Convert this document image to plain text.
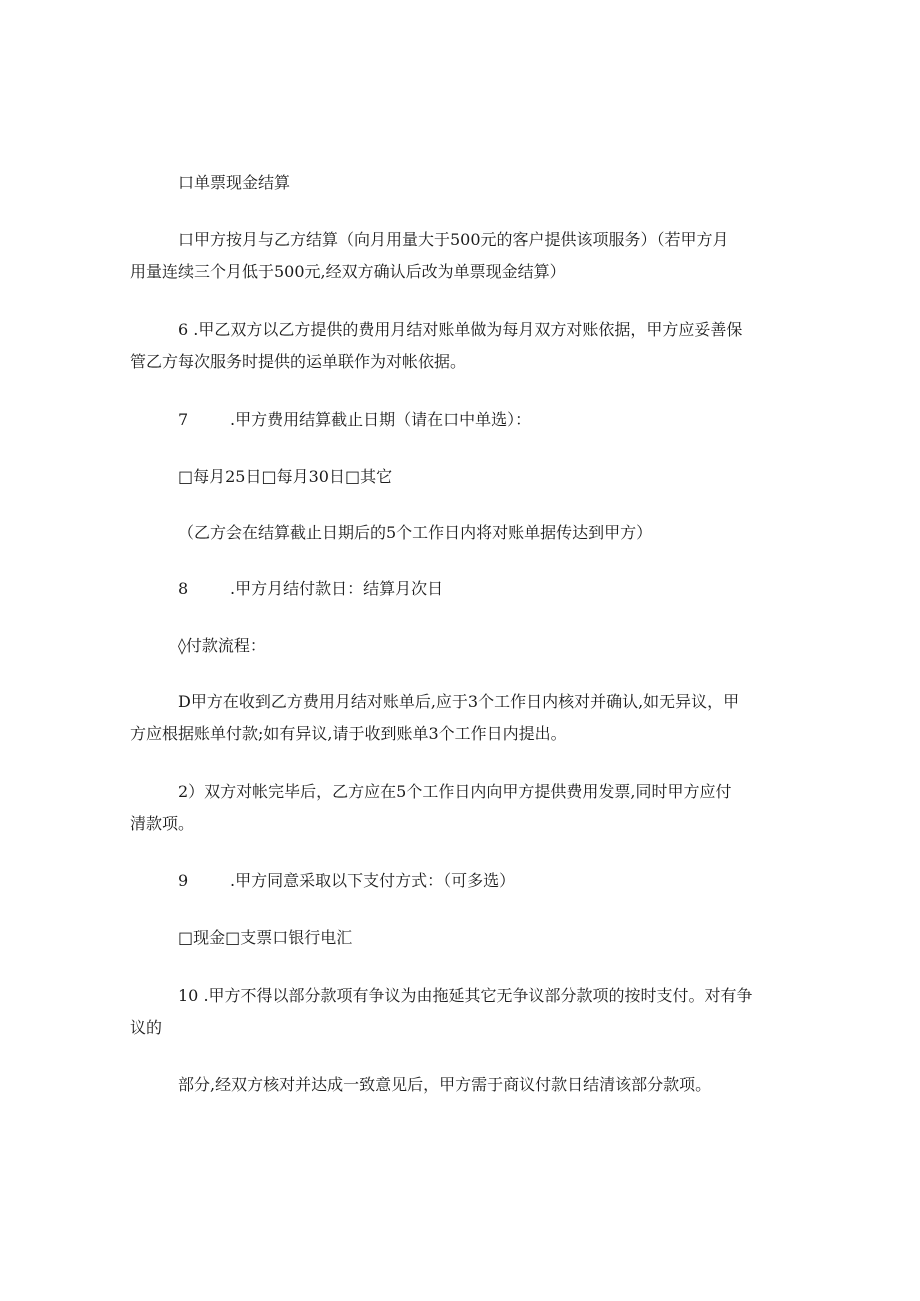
口单票现金结算

口甲方按月与乙方结算（向月用量大于500元的客户提供该项服务）（若甲方月

用量连续三个月低于500元,经双方确认后改为单票现金结算）

6 .甲乙双方以乙方提供的费用月结对账单做为每月双方对账依据，甲方应妥善保

管乙方每次服务时提供的运单联作为对帐依据。

7	.甲方费用结算截止日期（请在口中单选）：

□每月25日□每月30日□其它

（乙方会在结算截止日期后的5个工作日内将对账单据传达到甲方）

8	.甲方月结付款日：结算月次日

◊付款流程：

D甲方在收到乙方费用月结对账单后,应于3个工作日内核对并确认,如无异议，甲

方应根据账单付款;如有异议,请于收到账单3个工作日内提出。

2）双方对帐完毕后，乙方应在5个工作日内向甲方提供费用发票,同时甲方应付

清款项。

9	.甲方同意采取以下支付方式：（可多选）

□现金□支票口银行电汇

10 .甲方不得以部分款项有争议为由拖延其它无争议部分款项的按时支付。对有争

议的

部分,经双方核对并达成一致意见后，甲方需于商议付款日结清该部分款项。
